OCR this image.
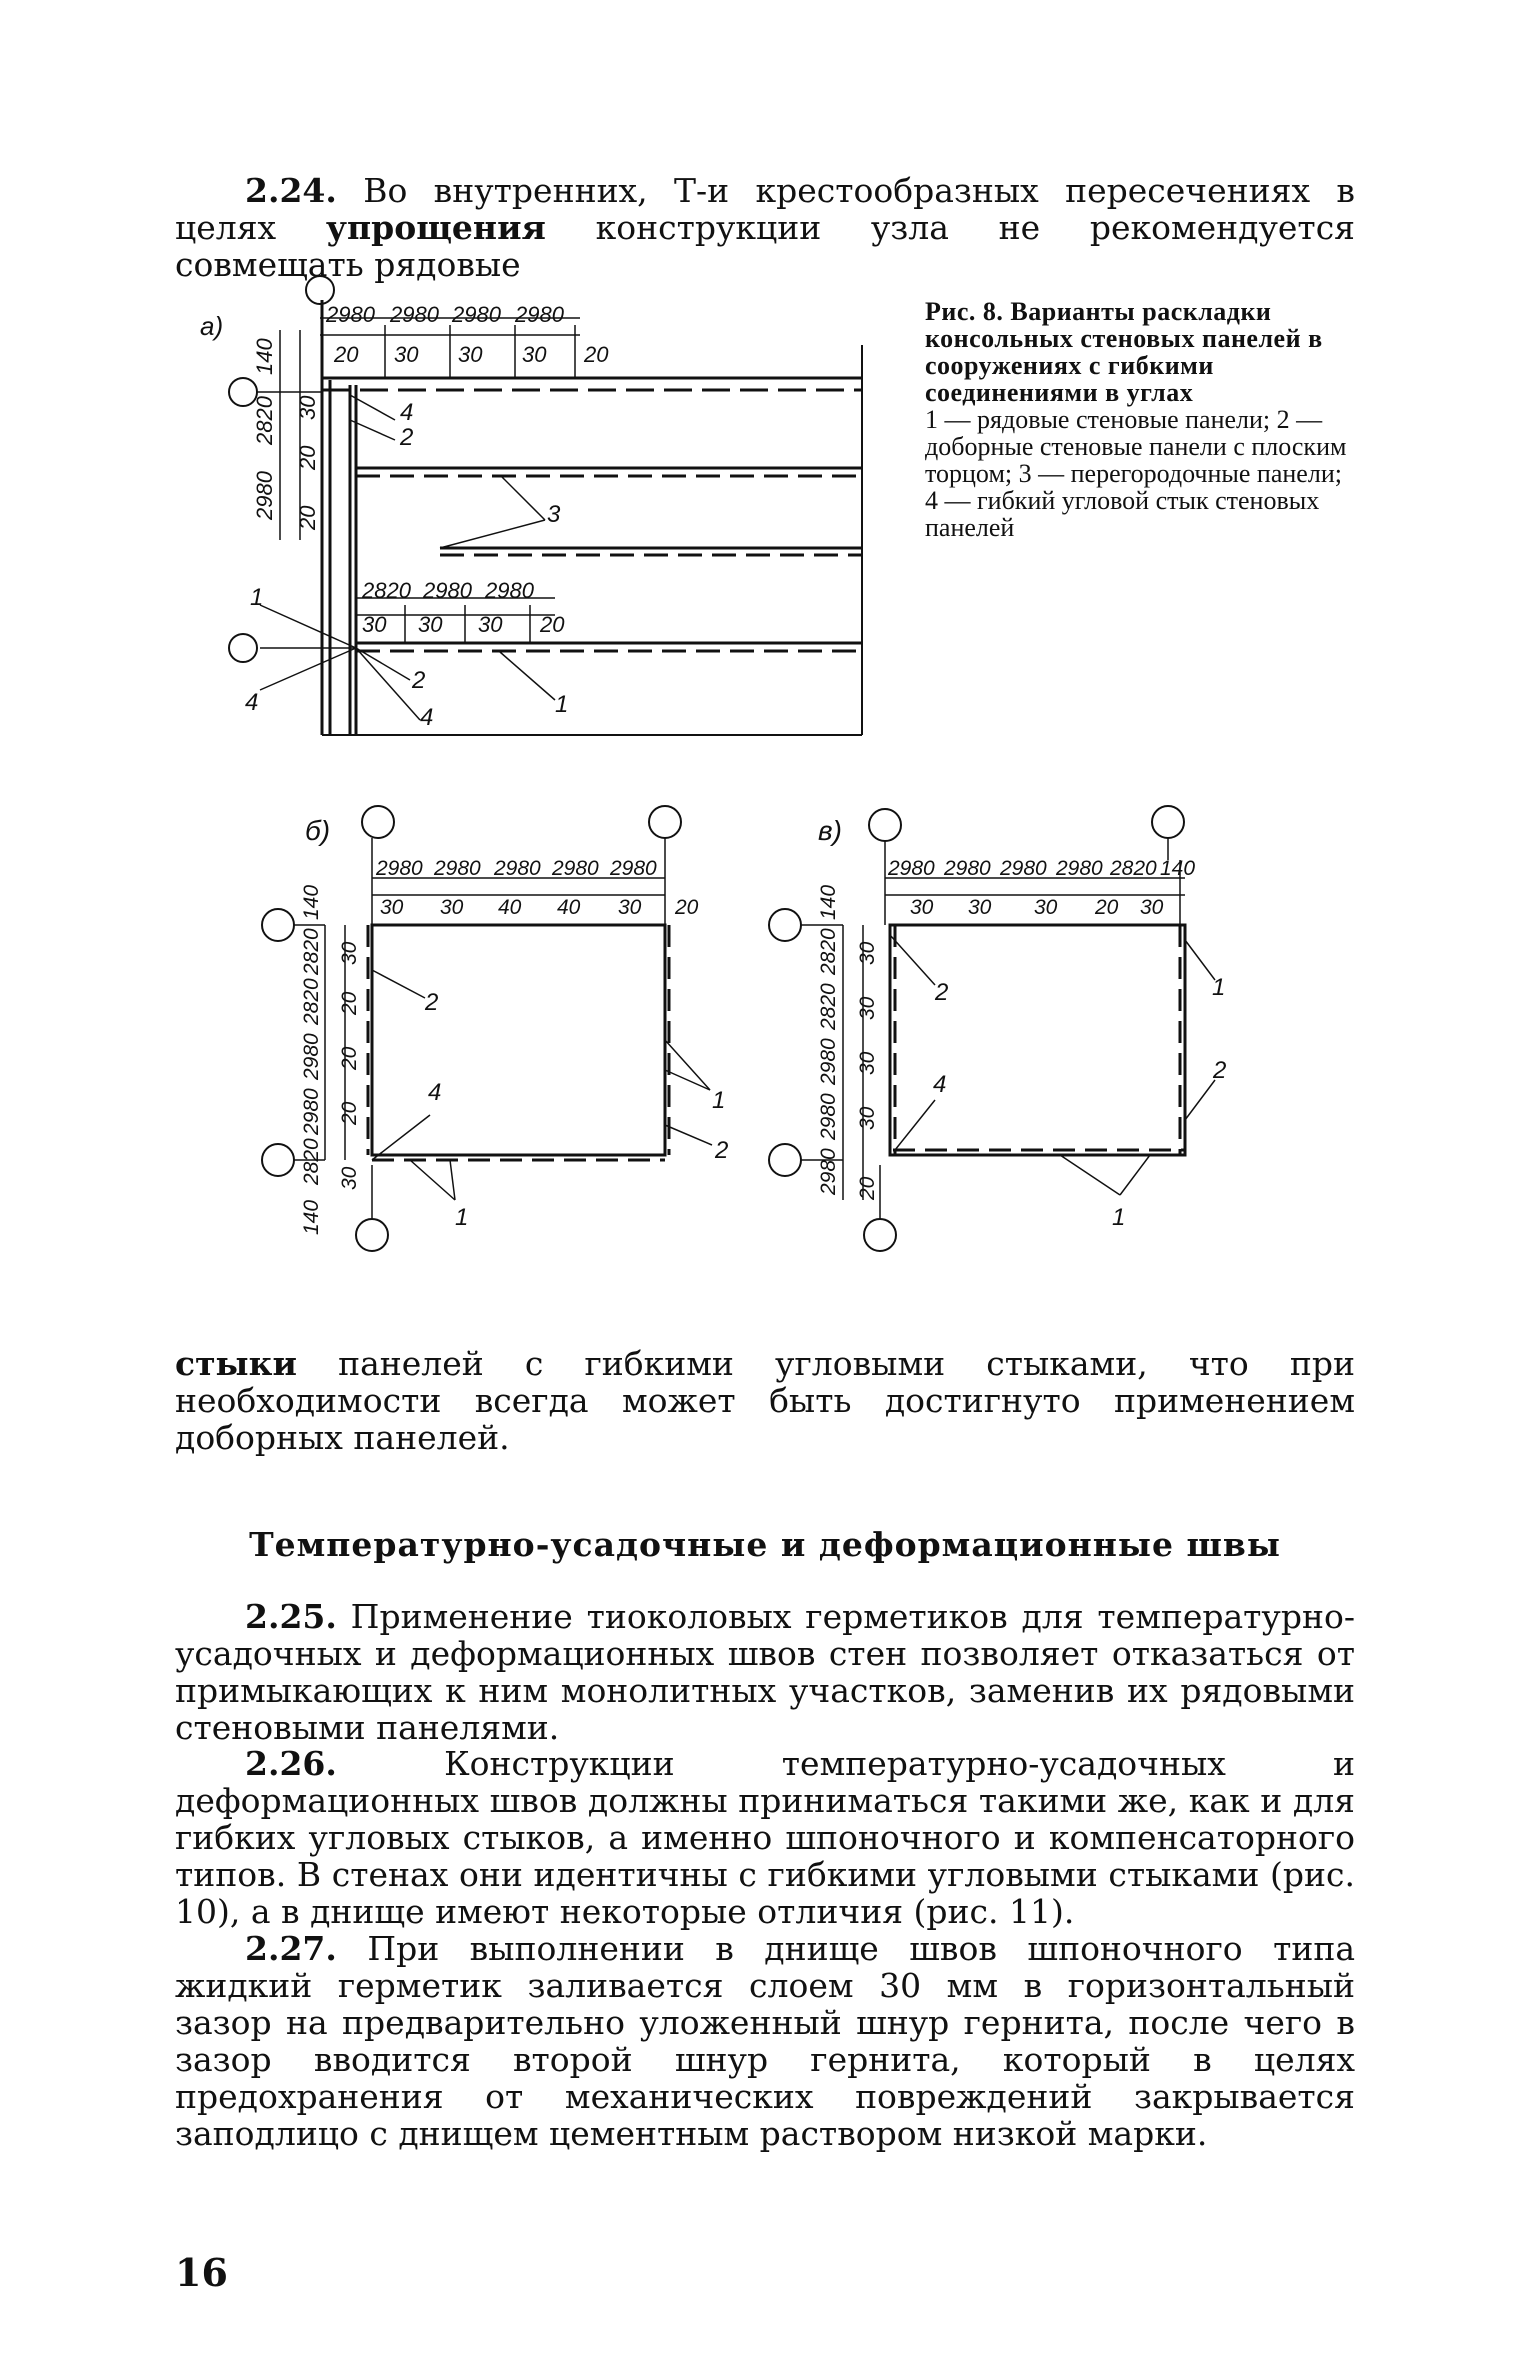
2.24. Во внутренних, Т-и крестообразных пересечениях в целях упрощения конструкции узла не рекомендуется совмещать рядовые
Рис. 8. Варианты раскладки консольных стеновых панелей в сооружениях с гибкими соединениями в углах
1 — рядовые стеновые панели; 2 — доборные стеновые панели с плоским торцом; 3 — перегородочные панели; 4 — гибкий угловой стык стеновых панелей
а)	2980 2980 2980 2980
20 30 30 30 20
2820 2980 2980
30 30 30 20
140
2820
2980
30
20
20
1
2
2
3
4
4
4	1
б)
2980 2980 2980 2980 2980
30 30 40 40 30 20
140
2820
2820
2980
2980
2820
140
30
20
20
20
30
1
1
2
2
4
в)
2980 2980 2980 2980 2820 140
30 30 30 20 30
140
2820
2820
2980
2980
2980
30
30
30
30
20
1
1
2
2
4
стыки панелей с гибкими угловыми стыками, что при необходимости всегда может быть достигнуто применением доборных панелей.
Температурно-усадочные и деформационные швы
2.25. Применение тиоколовых герметиков для температурно-усадочных и деформационных швов стен позволяет отказаться от примыкающих к ним монолитных участков, заменив их рядовыми стеновыми панелями.
2.26.	Конструкции температурно-усадочных и деформационных швов должны приниматься такими же, как и для гибких угловых стыков, а именно шпоночного и компенсаторного типов. В стенах они идентичны с гибкими угловыми стыками (рис. 10), а в днище имеют некоторые отличия (рис. 11).
2.27. При выполнении в днище швов шпоночного типа жидкий герметик заливается слоем 30 мм в горизонтальный зазор на предварительно уложенный шнур гернита, после чего в зазор вводится второй шнур гернита, который в целях предохранения от механических повреждений закрывается заподлицо с днищем цементным раствором низкой марки.
16
